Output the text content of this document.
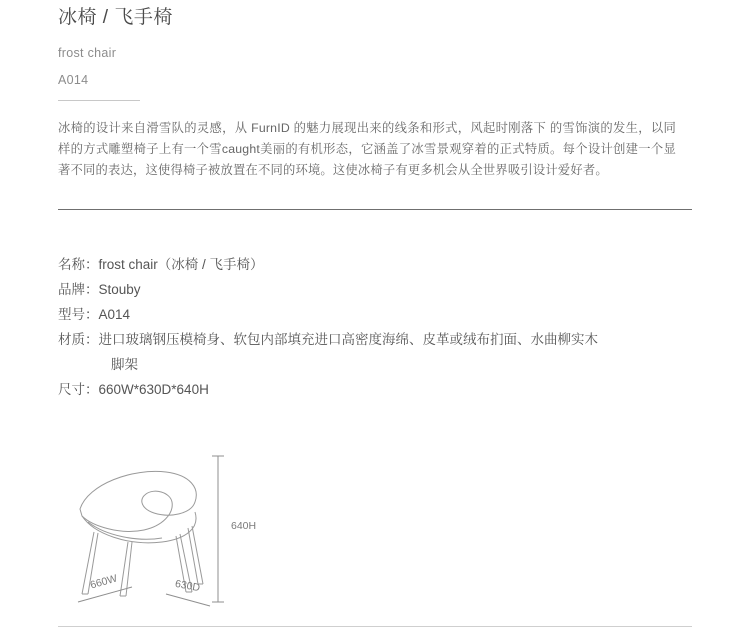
冰椅 / 飞手椅
frost chair
A014
冰椅的设计来自滑雪队的灵感，从 FurnID 的魅力展现出来的线条和形式，风起时刚落下 的雪饰演的发生，以同样的方式雕塑椅子上有一个雪caught美丽的有机形态，它涵盖了冰雪景观穿着的正式特质。每个设计创建一个显著不同的表达，这使得椅子被放置在不同的环境。这使冰椅子有更多机会从全世界吸引设计爱好者。
名称：frost chair（冰椅 / 飞手椅）
品牌：Stouby
型号：A014
材质：进口玻璃钢压模椅身、软包内部填充进口高密度海绵、皮革或绒布扪面、水曲柳实木
脚架
尺寸：660W*630D*640H
640H
660W	630D
